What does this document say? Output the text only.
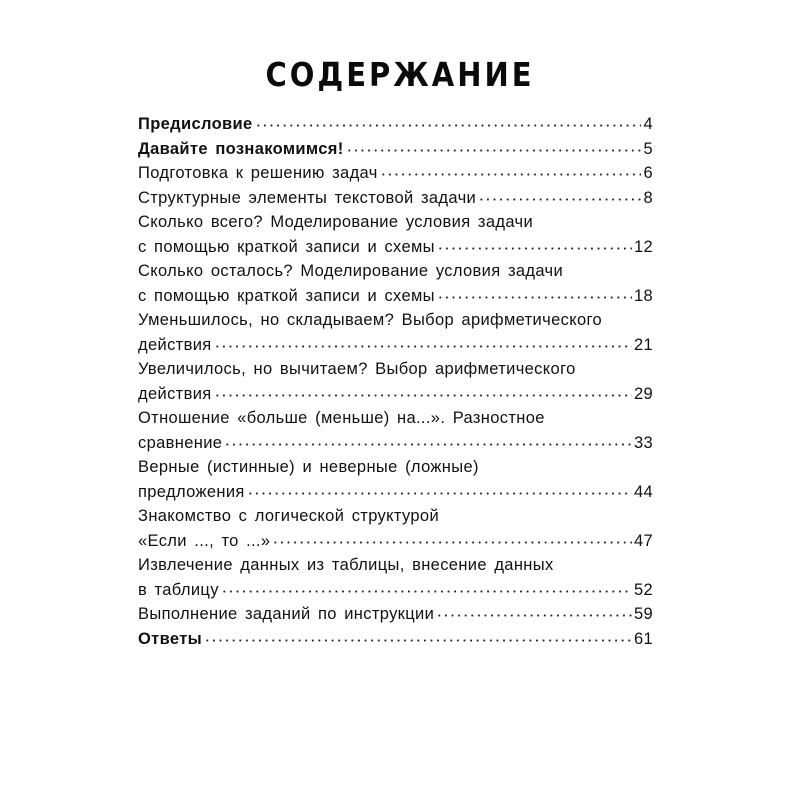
СОДЕРЖАНИЕ
Предисловие	4
Давайте познакомимся!	5
Подготовка к решению задач	6
Структурные элементы текстовой задачи	8
Сколько всего? Моделирование условия задачи
с помощью краткой записи и схемы	12
Сколько осталось? Моделирование условия задачи
с помощью краткой записи и схемы	18
Уменьшилось, но складываем? Выбор арифметического
действия	21
Увеличилось, но вычитаем? Выбор арифметического
действия	29
Отношение «больше (меньше) на...». Разностное
сравнение	33
Верные (истинные) и неверные (ложные)
предложения	44
Знакомство с логической структурой
«Если ..., то ...»	47
Извлечение данных из таблицы, внесение данных
в таблицу	52
Выполнение заданий по инструкции	59
Ответы	61
